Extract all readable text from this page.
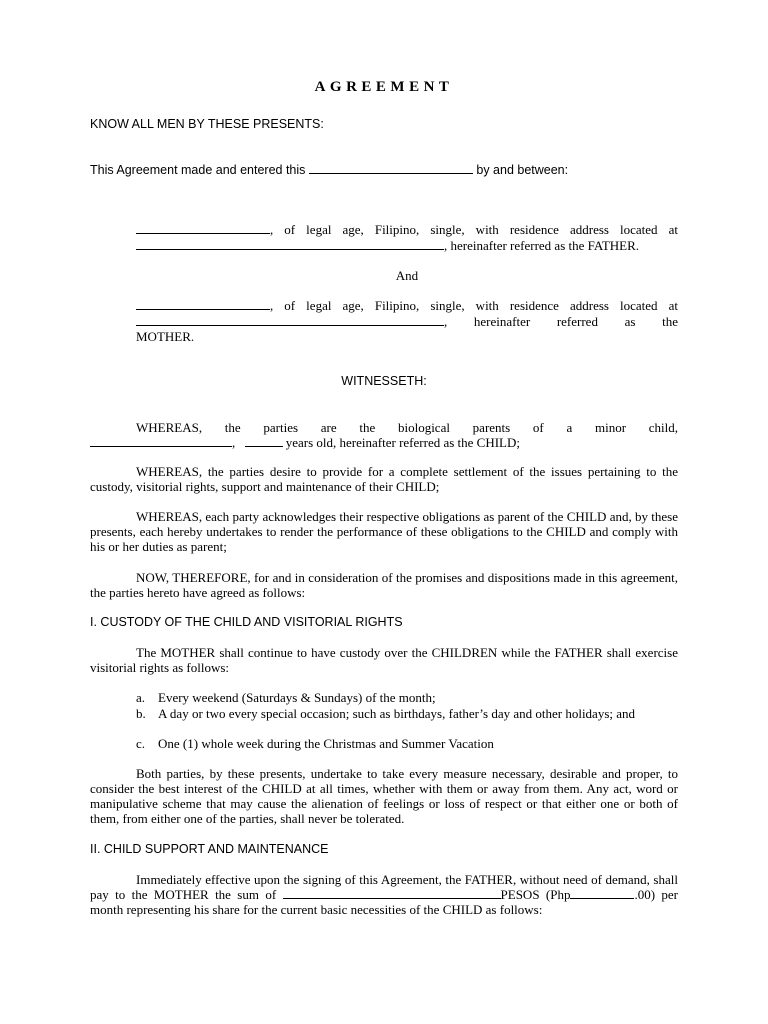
AGREEMENT
KNOW ALL MEN BY THESE PRESENTS:
This Agreement made and entered this	by and between:
, of legal age, Filipino, single, with residence address located at
, hereinafter referred as the FATHER.
And
, of legal age, Filipino, single, with residence address located at
, hereinafter referred as the
MOTHER.
WITNESSETH:
WHEREAS, the parties are the biological parents of a minor child,
,	years old, hereinafter referred as the CHILD;
WHEREAS, the parties desire to provide for a complete settlement of the issues pertaining to the custody, visitorial rights, support and maintenance of their CHILD;
WHEREAS, each party acknowledges their respective obligations as parent of the CHILD and, by these presents, each hereby undertakes to render the performance of these obligations to the CHILD and comply with his or her duties as parent;
NOW, THEREFORE, for and in consideration of the promises and dispositions made in this agreement, the parties hereto have agreed as follows:
I. CUSTODY OF THE CHILD AND VISITORIAL RIGHTS
The MOTHER shall continue to have custody over the CHILDREN while the FATHER shall exercise visitorial rights as follows:
a. Every weekend (Saturdays & Sundays) of the month;
b. A day or two every special occasion; such as birthdays, father’s day and other holidays; and
c. One (1) whole week during the Christmas and Summer Vacation
Both parties, by these presents, undertake to take every measure necessary, desirable and proper, to consider the best interest of the CHILD at all times, whether with them or away from them. Any act, word or manipulative scheme that may cause the alienation of feelings or loss of respect or that either one or both of them, from either one of the parties, shall never be tolerated.
II. CHILD SUPPORT AND MAINTENANCE
Immediately effective upon the signing of this Agreement, the FATHER, without need of demand, shall pay to the MOTHER the sum of	PESOS (Php	.00) per month representing his share for the current basic necessities of the CHILD as follows:
